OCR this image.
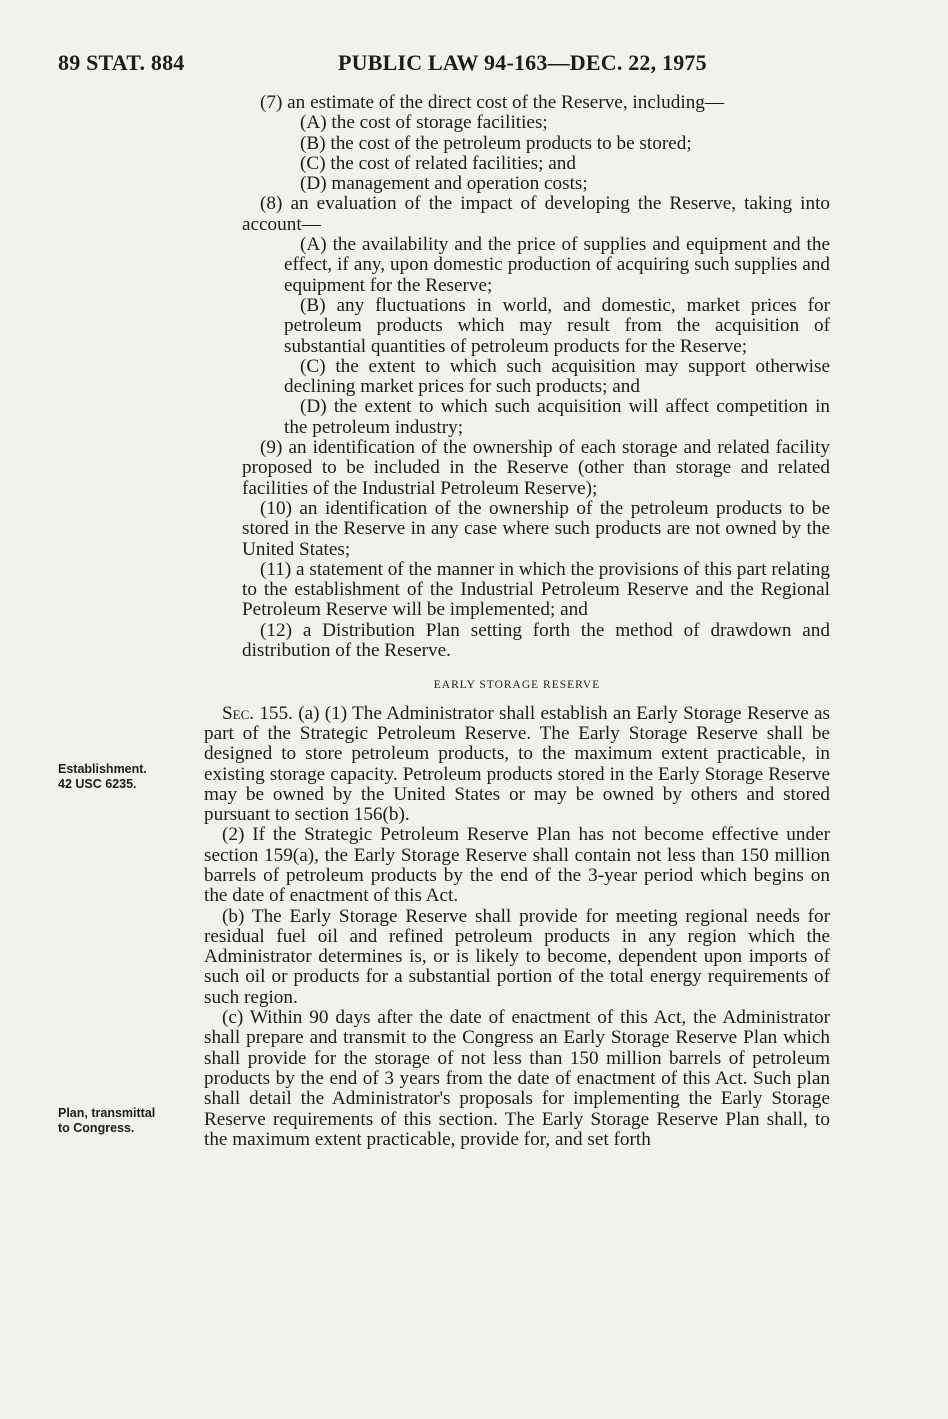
89 STAT. 884	PUBLIC LAW 94-163—DEC. 22, 1975
Establishment.
42 USC 6235.
Plan, transmittal
to Congress.

(7) an estimate of the direct cost of the Reserve, including—

(A) the cost of storage facilities;

(B) the cost of the petroleum products to be stored;

(C) the cost of related facilities; and

(D) management and operation costs;

(8) an evaluation of the impact of developing the Reserve, taking into account—

(A) the availability and the price of supplies and equipment and the effect, if any, upon domestic production of acquiring such supplies and equipment for the Reserve;

(B) any fluctuations in world, and domestic, market prices for petroleum products which may result from the acquisition of substantial quantities of petroleum products for the Reserve;

(C) the extent to which such acquisition may support otherwise declining market prices for such products; and

(D) the extent to which such acquisition will affect competition in the petroleum industry;

(9) an identification of the ownership of each storage and related facility proposed to be included in the Reserve (other than storage and related facilities of the Industrial Petroleum Reserve);

(10) an identification of the ownership of the petroleum products to be stored in the Reserve in any case where such products are not owned by the United States;

(11) a statement of the manner in which the provisions of this part relating to the establishment of the Industrial Petroleum Reserve and the Regional Petroleum Reserve will be implemented; and

(12) a Distribution Plan setting forth the method of drawdown and distribution of the Reserve.

EARLY STORAGE RESERVE

Sec. 155. (a) (1) The Administrator shall establish an Early Storage Reserve as part of the Strategic Petroleum Reserve. The Early Storage Reserve shall be designed to store petroleum products, to the maximum extent practicable, in existing storage capacity. Petroleum products stored in the Early Storage Reserve may be owned by the United States or may be owned by others and stored pursuant to section 156(b).

(2) If the Strategic Petroleum Reserve Plan has not become effective under section 159(a), the Early Storage Reserve shall contain not less than 150 million barrels of petroleum products by the end of the 3-year period which begins on the date of enactment of this Act.

(b) The Early Storage Reserve shall provide for meeting regional needs for residual fuel oil and refined petroleum products in any region which the Administrator determines is, or is likely to become, dependent upon imports of such oil or products for a substantial portion of the total energy requirements of such region.

(c) Within 90 days after the date of enactment of this Act, the Administrator shall prepare and transmit to the Congress an Early Storage Reserve Plan which shall provide for the storage of not less than 150 million barrels of petroleum products by the end of 3 years from the date of enactment of this Act. Such plan shall detail the Administrator's proposals for implementing the Early Storage Reserve requirements of this section. The Early Storage Reserve Plan shall, to the maximum extent practicable, provide for, and set forth
